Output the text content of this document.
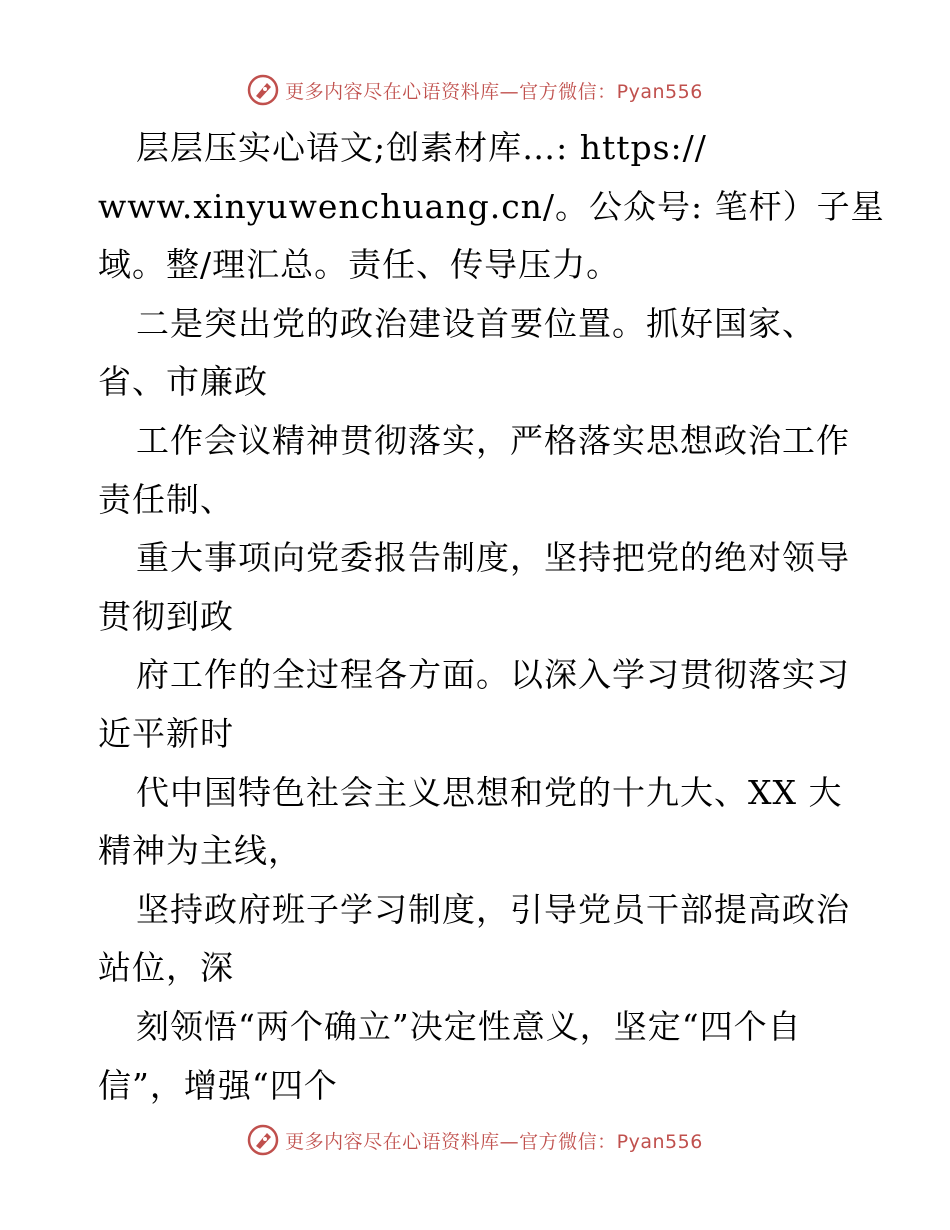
更多内容尽在心语资料库—官方微信：Pyan556
层层压实心语文;创素材库…: https://
www.xinyuwenchuang.cn/。公众号: 笔杆）子星
域。整/理汇总。责任、传导压力。
二是突出党的政治建设首要位置。抓好国家、
省、市廉政
工作会议精神贯彻落实，严格落实思想政治工作
责任制、
重大事项向党委报告制度，坚持把党的绝对领导
贯彻到政
府工作的全过程各方面。以深入学习贯彻落实习
近平新时
代中国特色社会主义思想和党的十九大、XX 大
精神为主线，
坚持政府班子学习制度，引导党员干部提高政治
站位，深
刻领悟“两个确立”决定性意义，坚定“四个自
信”，增强“四个
更多内容尽在心语资料库—官方微信：Pyan556
